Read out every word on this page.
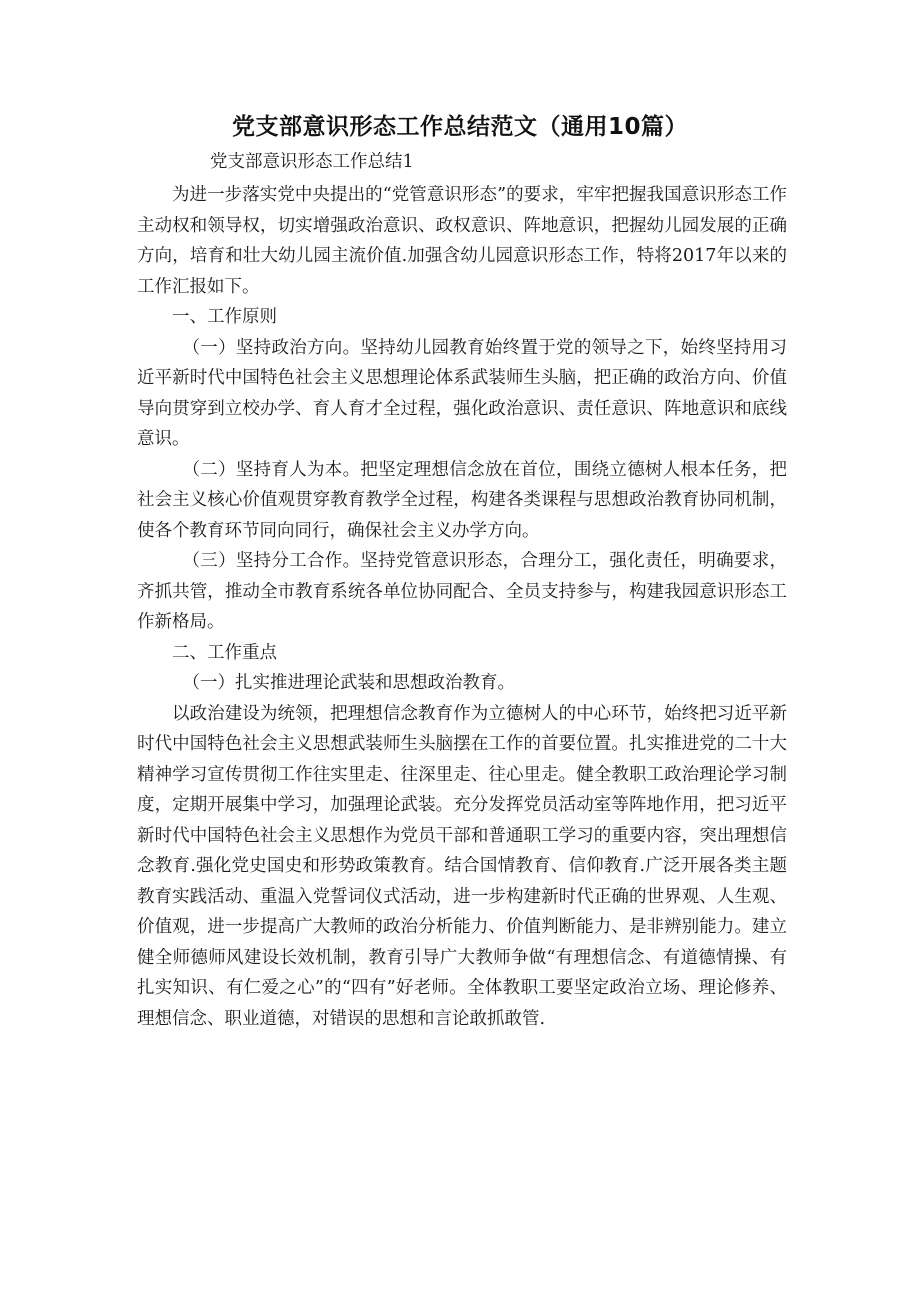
党支部意识形态工作总结范文（通用10篇）
党支部意识形态工作总结1

为进一步落实党中央提出的“党管意识形态”的要求，牢牢把握我国意识形态工作主动权和领导权，切实增强政治意识、政权意识、阵地意识，把握幼儿园发展的正确方向，培育和壮大幼儿园主流价值.加强含幼儿园意识形态工作，特将2017年以来的工作汇报如下。

一、工作原则

（一）坚持政治方向。坚持幼儿园教育始终置于党的领导之下，始终坚持用习近平新时代中国特色社会主义思想理论体系武装师生头脑，把正确的政治方向、价值导向贯穿到立校办学、育人育才全过程，强化政治意识、责任意识、阵地意识和底线意识。

（二）坚持育人为本。把坚定理想信念放在首位，围绕立德树人根本任务，把社会主义核心价值观贯穿教育教学全过程，构建各类课程与思想政治教育协同机制，使各个教育环节同向同行，确保社会主义办学方向。

（三）坚持分工合作。坚持党管意识形态，合理分工，强化责任，明确要求，齐抓共管，推动全市教育系统各单位协同配合、全员支持参与，构建我园意识形态工作新格局。

二、工作重点

（一）扎实推进理论武装和思想政治教育。

以政治建设为统领，把理想信念教育作为立德树人的中心环节，始终把习近平新时代中国特色社会主义思想武装师生头脑摆在工作的首要位置。扎实推进党的二十大精神学习宣传贯彻工作往实里走、往深里走、往心里走。健全教职工政治理论学习制度，定期开展集中学习，加强理论武装。充分发挥党员活动室等阵地作用，把习近平新时代中国特色社会主义思想作为党员干部和普通职工学习的重要内容，突出理想信念教育.强化党史国史和形势政策教育。结合国情教育、信仰教育.广泛开展各类主题教育实践活动、重温入党誓词仪式活动，进一步构建新时代正确的世界观、人生观、价值观，进一步提高广大教师的政治分析能力、价值判断能力、是非辨别能力。建立健全师德师风建设长效机制，教育引导广大教师争做“有理想信念、有道德情操、有扎实知识、有仁爱之心”的“四有”好老师。全体教职工要坚定政治立场、理论修养、理想信念、职业道德，对错误的思想和言论敢抓敢管.
